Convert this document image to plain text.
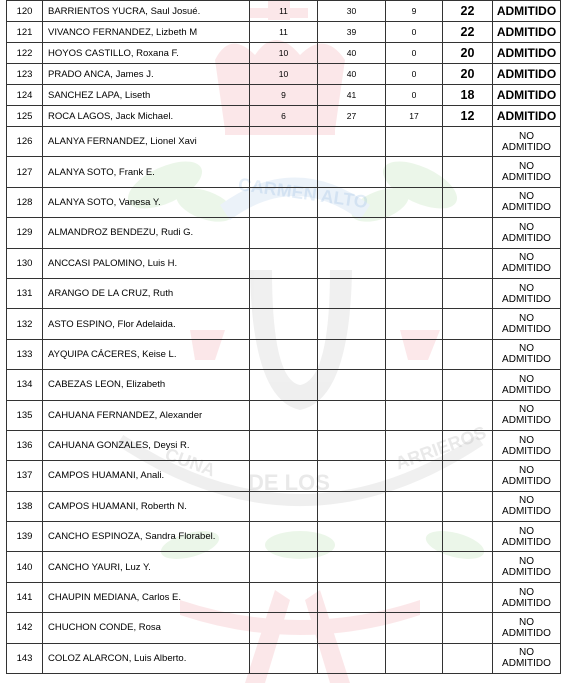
CARMEN ALTO
DE LOS
CUNA	ARRIEROS
120	BARRIENTOS YUCRA, Saul Josué.	11	30	9	22	ADMITIDO
121	VIVANCO FERNANDEZ, Lizbeth M	11	39	0	22	ADMITIDO
122	HOYOS CASTILLO, Roxana F.	10	40	0	20	ADMITIDO
123	PRADO ANCA, James J.	10	40	0	20	ADMITIDO
124	SANCHEZ LAPA, Liseth	9	41	0	18	ADMITIDO
125	ROCA LAGOS, Jack Michael.	6	27	17	12	ADMITIDO
126	ALANYA FERNANDEZ, Lionel Xavi					NO
ADMITIDO

127	ALANYA SOTO, Frank E.					NO
ADMITIDO

128	ALANYA SOTO, Vanesa Y.					NO
ADMITIDO

129	ALMANDROZ BENDEZU, Rudi G.					NO
ADMITIDO

130	ANCCASI PALOMINO, Luis H.					NO
ADMITIDO

131	ARANGO DE LA CRUZ, Ruth					NO
ADMITIDO

132	ASTO ESPINO, Flor Adelaida.					NO
ADMITIDO

133	AYQUIPA CÁCERES, Keise L.					NO
ADMITIDO

134	CABEZAS LEON, Elizabeth					NO
ADMITIDO

135	CAHUANA FERNANDEZ, Alexander					NO
ADMITIDO

136	CAHUANA GONZALES, Deysi R.					NO
ADMITIDO

137	CAMPOS HUAMANI, Anali.					NO
ADMITIDO

138	CAMPOS HUAMANI, Roberth N.					NO
ADMITIDO

139	CANCHO ESPINOZA, Sandra Florabel.					NO
ADMITIDO

140	CANCHO YAURI, Luz Y.					NO
ADMITIDO

141	CHAUPIN MEDIANA, Carlos E.					NO
ADMITIDO

142	CHUCHON CONDE, Rosa					NO
ADMITIDO

143	COLOZ ALARCON, Luis Alberto.					NO
ADMITIDO
